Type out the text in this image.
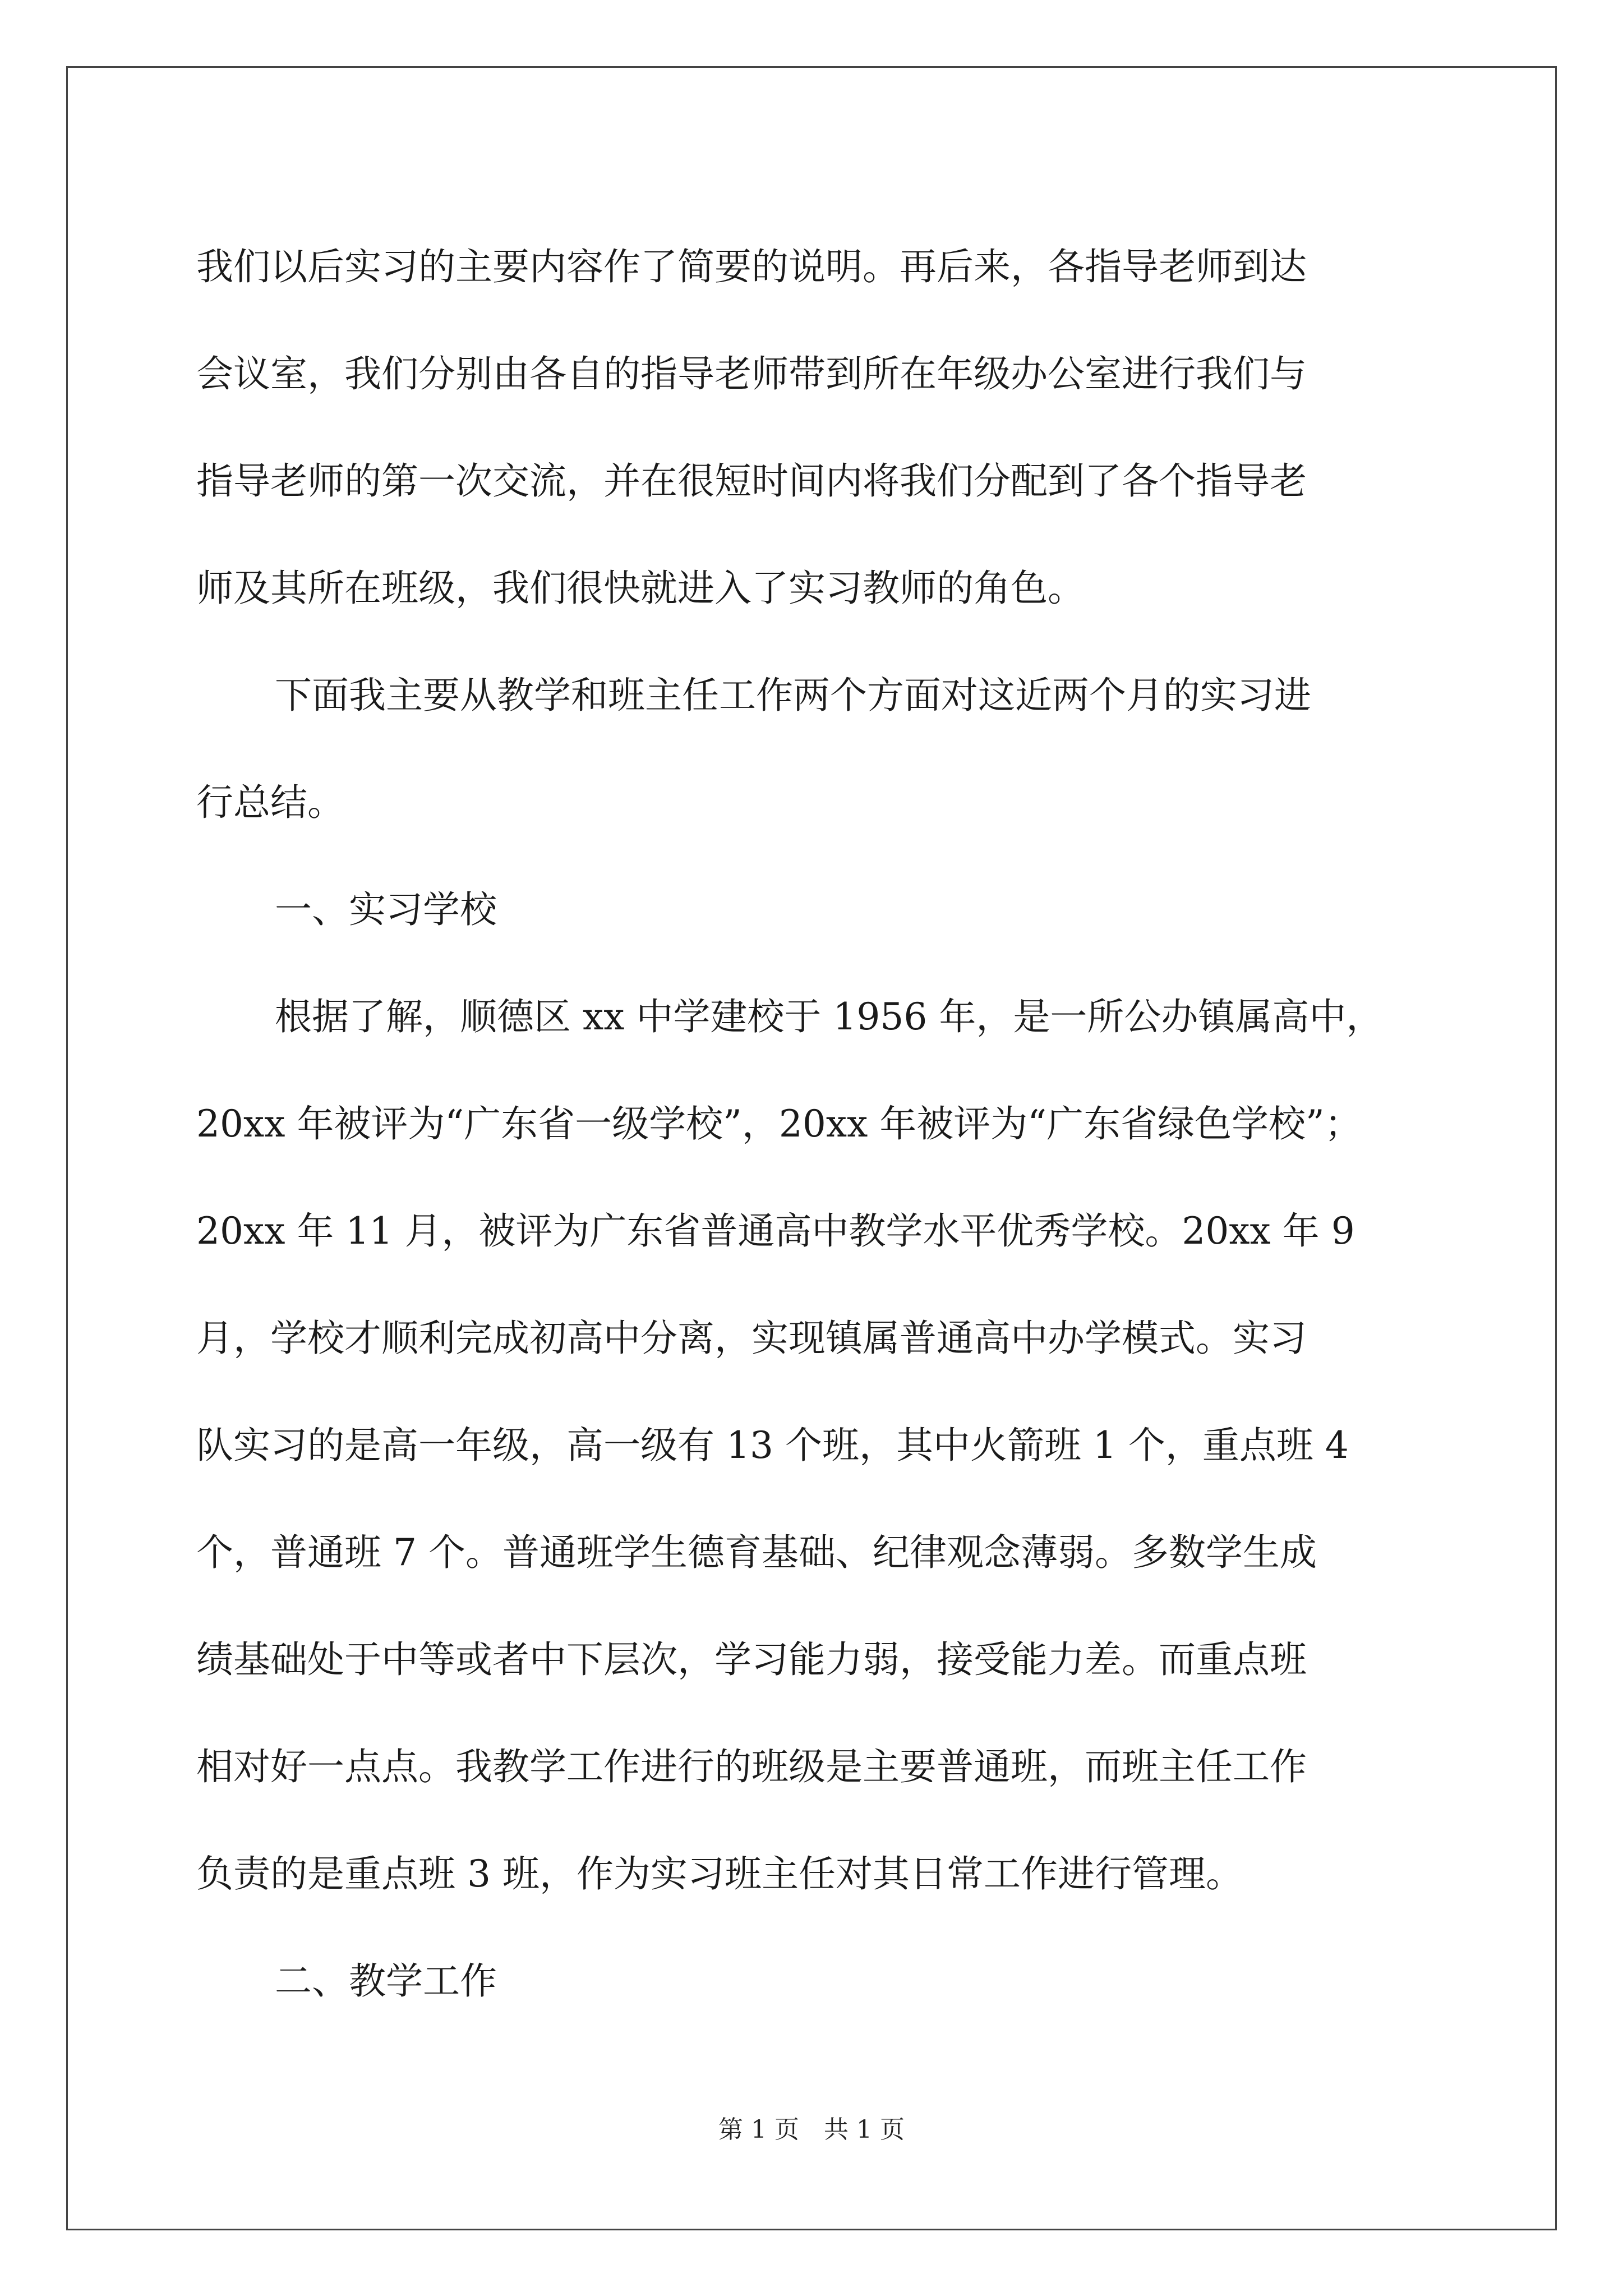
我们以后实习的主要内容作了简要的说明。再后来，各指导老师到达
会议室，我们分别由各自的指导老师带到所在年级办公室进行我们与
指导老师的第一次交流，并在很短时间内将我们分配到了各个指导老
师及其所在班级，我们很快就进入了实习教师的角色。
下面我主要从教学和班主任工作两个方面对这近两个月的实习进
行总结。
一、实习学校
根据了解，顺德区 xx 中学建校于 1956 年，是一所公办镇属高中，
20xx 年被评为“广东省一级学校”，20xx 年被评为“广东省绿色学校”；
20xx 年 11 月，被评为广东省普通高中教学水平优秀学校。20xx 年 9
月，学校才顺利完成初高中分离，实现镇属普通高中办学模式。实习
队实习的是高一年级，高一级有 13 个班，其中火箭班 1 个，重点班 4
个，普通班 7 个。普通班学生德育基础、纪律观念薄弱。多数学生成
绩基础处于中等或者中下层次，学习能力弱，接受能力差。而重点班
相对好一点点。我教学工作进行的班级是主要普通班，而班主任工作
负责的是重点班 3 班，作为实习班主任对其日常工作进行管理。
二、教学工作
第 1 页　共 1 页
